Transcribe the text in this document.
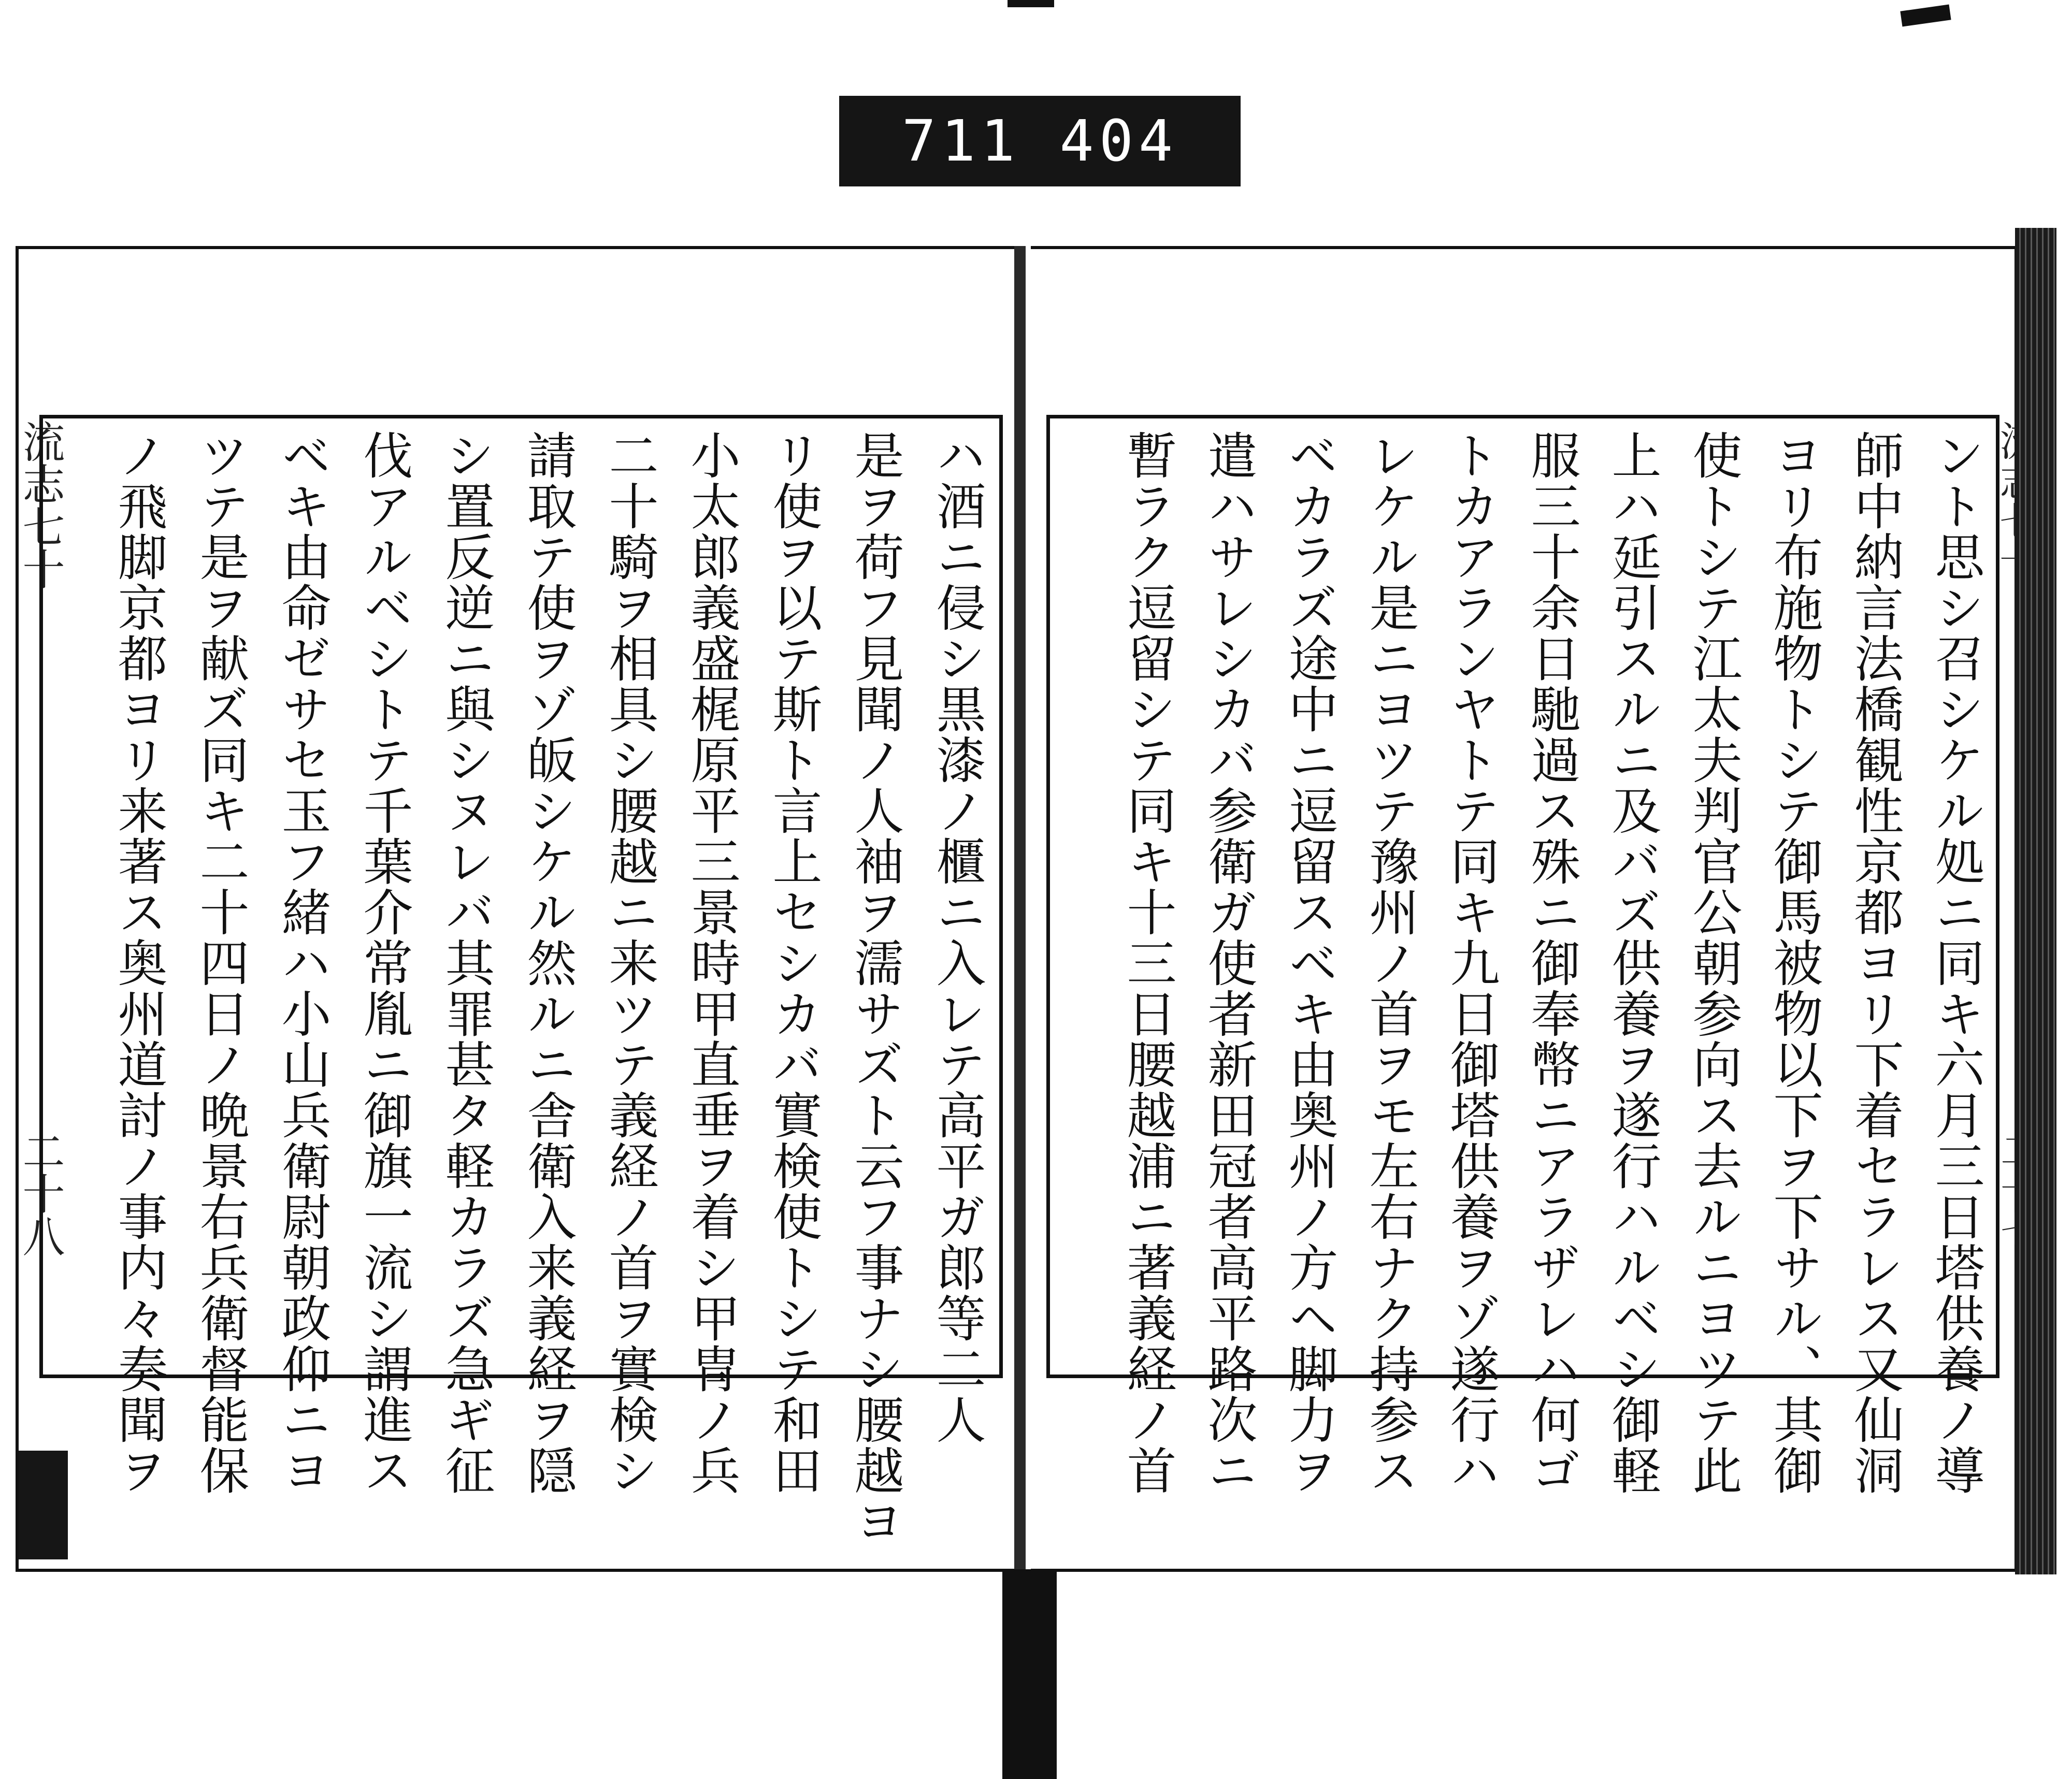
711 404
流志七十
二十八	ハ酒ニ侵シ黒漆ノ櫃ニ入レテ高平ガ郎等二人
是ヲ荷フ見聞ノ人袖ヲ濡サズト云フ事ナシ腰越ヨ
リ使ヲ以テ斯ト言上セシカバ實検使トシテ和田
小太郎義盛梶原平三景時甲直垂ヲ着シ甲冑ノ兵
二十騎ヲ相具シ腰越ニ来ツテ義経ノ首ヲ實検シ
請取テ使ヲゾ皈シケル然ルニ舎衛入来義経ヲ隠
シ置反逆ニ與シヌレバ其罪甚タ軽カラズ急ギ征
伐アルベシトテ千葉介常胤ニ御旗一流シ謂進ス
ベキ由命ゼサセ玉フ緒ハ小山兵衛尉朝政仰ニヨ
ツテ是ヲ献ズ同キ二十四日ノ晩景右兵衛督能保
ノ飛脚京都ヨリ来著ス奥州道討ノ事内々奏聞ヲ	ント思シ召シケル処ニ同キ六月三日塔供養ノ導
師中納言法橋観性京都ヨリ下着セラレス又仙洞
ヨリ布施物トシテ御馬被物以下ヲ下サル、其御
使トシテ江太夫判官公朝参向ス去ルニヨツテ此
上ハ延引スルニ及バズ供養ヲ遂行ハルベシ御軽
服三十余日馳過ス殊ニ御奉幣ニアラザレハ何ゴ
トカアランヤトテ同キ九日御塔供養ヲゾ遂行ハ
レケル是ニヨツテ豫州ノ首ヲモ左右ナク持参ス
ベカラズ途中ニ逗留スベキ由奥州ノ方ヘ脚力ヲ
遣ハサレシカバ参衛ガ使者新田冠者高平路次ニ
暫ラク逗留シテ同キ十三日腰越浦ニ著義経ノ首
